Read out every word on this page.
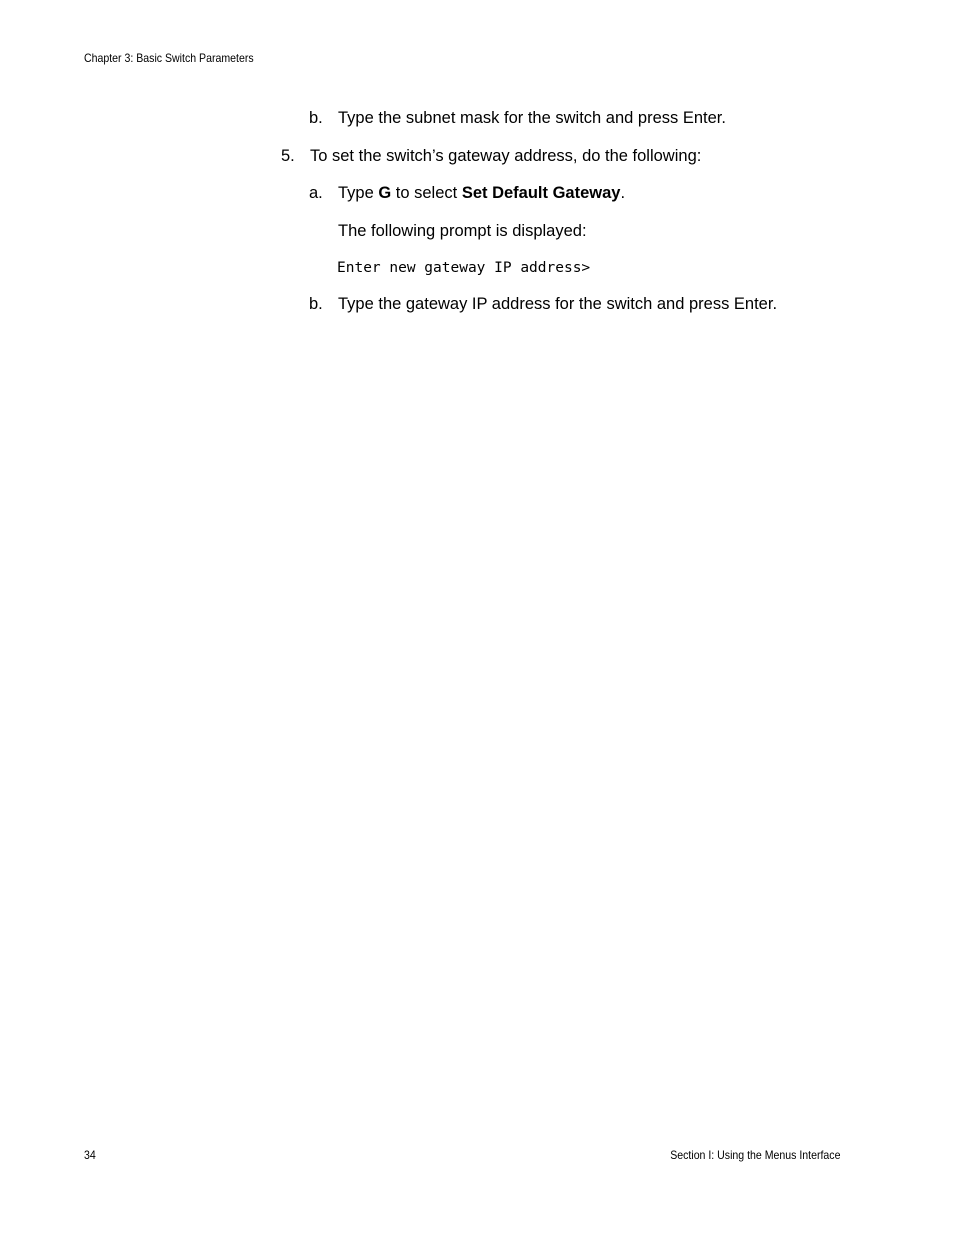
Chapter 3: Basic Switch Parameters
b. Type the subnet mask for the switch and press Enter.
5. To set the switch’s gateway address, do the following:
a. Type G to select Set Default Gateway.
The following prompt is displayed:
Enter new gateway IP address>
b. Type the gateway IP address for the switch and press Enter.
34	Section I: Using the Menus Interface
